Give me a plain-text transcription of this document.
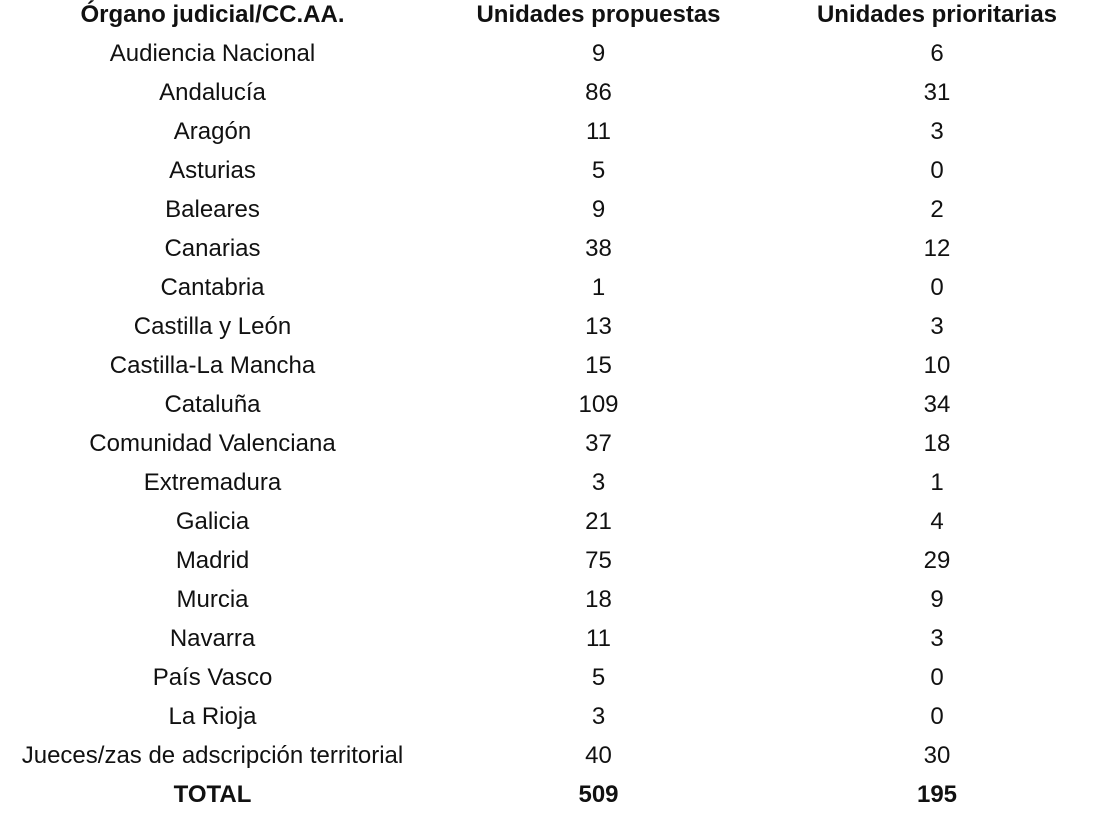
Órgano judicial/CC.AA.	Unidades propuestas	Unidades prioritarias
Audiencia Nacional	9	6
Andalucía	86	31
Aragón	11	3
Asturias	5	0
Baleares	9	2
Canarias	38	12
Cantabria	1	0
Castilla y León	13	3
Castilla-La Mancha	15	10
Cataluña	109	34
Comunidad Valenciana	37	18
Extremadura	3	1
Galicia	21	4
Madrid	75	29
Murcia	18	9
Navarra	11	3
País Vasco	5	0
La Rioja	3	0
Jueces/zas de adscripción territorial	40	30
TOTAL	509	195
